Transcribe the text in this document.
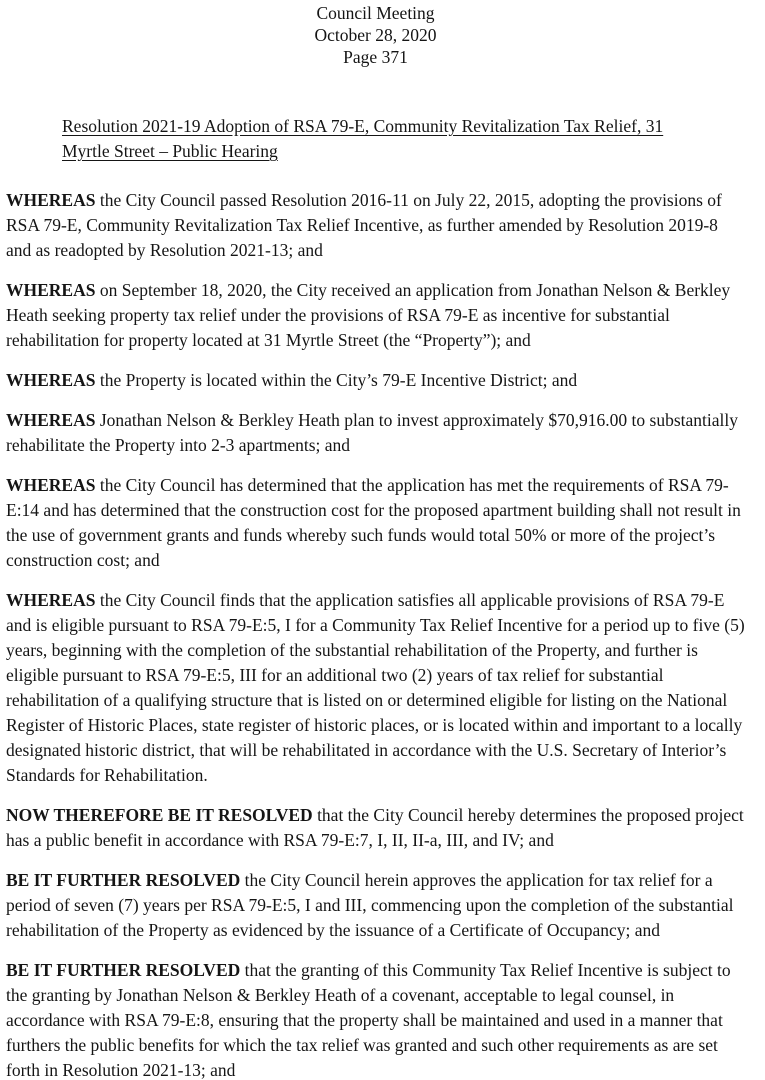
Council Meeting
October 28, 2020
Page 371
Resolution 2021-19 Adoption of RSA 79-E, Community Revitalization Tax Relief, 31
Myrtle Street – Public Hearing

WHEREAS the City Council passed Resolution 2016-11 on July 22, 2015, adopting the provisions of RSA 79-E, Community Revitalization Tax Relief Incentive, as further amended by Resolution 2019-8 and as readopted by Resolution 2021-13; and

WHEREAS on September 18, 2020, the City received an application from Jonathan Nelson & Berkley Heath seeking property tax relief under the provisions of RSA 79-E as incentive for substantial rehabilitation for property located at 31 Myrtle Street (the “Property”); and

WHEREAS the Property is located within the City’s 79-E Incentive District; and

WHEREAS Jonathan Nelson & Berkley Heath plan to invest approximately $70,916.00 to substantially rehabilitate the Property into 2-3 apartments; and

WHEREAS the City Council has determined that the application has met the requirements of RSA 79-E:14 and has determined that the construction cost for the proposed apartment building shall not result in the use of government grants and funds whereby such funds would total 50% or more of the project’s construction cost; and

WHEREAS the City Council finds that the application satisfies all applicable provisions of RSA 79-E and is eligible pursuant to RSA 79-E:5, I for a Community Tax Relief Incentive for a period up to five (5) years, beginning with the completion of the substantial rehabilitation of the Property, and further is eligible pursuant to RSA 79-E:5, III for an additional two (2) years of tax relief for substantial rehabilitation of a qualifying structure that is listed on or determined eligible for listing on the National Register of Historic Places, state register of historic places, or is located within and important to a locally designated historic district, that will be rehabilitated in accordance with the U.S. Secretary of Interior’s Standards for Rehabilitation.

NOW THEREFORE BE IT RESOLVED that the City Council hereby determines the proposed project has a public benefit in accordance with RSA 79-E:7, I, II, II-a, III, and IV; and

BE IT FURTHER RESOLVED the City Council herein approves the application for tax relief for a period of seven (7) years per RSA 79-E:5, I and III, commencing upon the completion of the substantial rehabilitation of the Property as evidenced by the issuance of a Certificate of Occupancy; and

BE IT FURTHER RESOLVED that the granting of this Community Tax Relief Incentive is subject to the granting by Jonathan Nelson & Berkley Heath of a covenant, acceptable to legal counsel, in accordance with RSA 79-E:8, ensuring that the property shall be maintained and used in a manner that furthers the public benefits for which the tax relief was granted and such other requirements as are set forth in Resolution 2021-13; and
